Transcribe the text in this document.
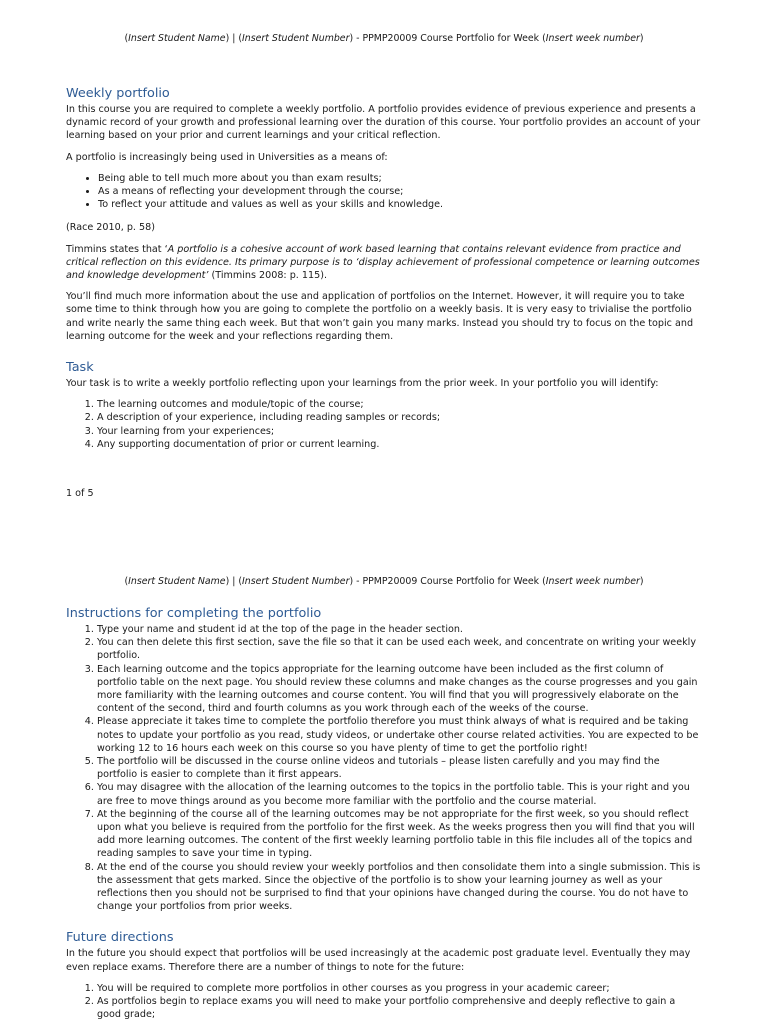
(Insert Student Name) | (Insert Student Number) - PPMP20009 Course Portfolio for Week (Insert week number)
Weekly portfolio

In this course you are required to complete a weekly portfolio. A portfolio provides evidence of previous experience and presents a dynamic record of your growth and professional learning over the duration of this course. Your portfolio provides an account of your learning based on your prior and current learnings and your critical reflection.

A portfolio is increasingly being used in Universities as a means of:

• Being able to tell much more about you than exam results;
• As a means of reflecting your development through the course;
• To reflect your attitude and values as well as your skills and knowledge.

(Race 2010, p. 58)

Timmins states that ‘A portfolio is a cohesive account of work based learning that contains relevant evidence from practice and critical reflection on this evidence. Its primary purpose is to ‘display achievement of professional competence or learning outcomes and knowledge development’ (Timmins 2008: p. 115).

You’ll find much more information about the use and application of portfolios on the Internet. However, it will require you to take some time to think through how you are going to complete the portfolio on a weekly basis. It is very easy to trivialise the portfolio and write nearly the same thing each week. But that won’t gain you many marks. Instead you should try to focus on the topic and learning outcome for the week and your reflections regarding them.

Task

Your task is to write a weekly portfolio reflecting upon your learnings from the prior week. In your portfolio you will identify:

1. The learning outcomes and module/topic of the course;
2. A description of your experience, including reading samples or records;
3. Your learning from your experiences;
4. Any supporting documentation of prior or current learning.
1 of 5
(Insert Student Name) | (Insert Student Number) - PPMP20009 Course Portfolio for Week (Insert week number)
Instructions for completing the portfolio
1. Type your name and student id at the top of the page in the header section.
2. You can then delete this first section, save the file so that it can be used each week, and concentrate on writing your weekly portfolio.
3. Each learning outcome and the topics appropriate for the learning outcome have been included as the first column of portfolio table on the next page. You should review these columns and make changes as the course progresses and you gain more familiarity with the learning outcomes and course content. You will find that you will progressively elaborate on the content of the second, third and fourth columns as you work through each of the weeks of the course.
4. Please appreciate it takes time to complete the portfolio therefore you must think always of what is required and be taking notes to update your portfolio as you read, study videos, or undertake other course related activities. You are expected to be working 12 to 16 hours each week on this course so you have plenty of time to get the portfolio right!
5. The portfolio will be discussed in the course online videos and tutorials – please listen carefully and you may find the portfolio is easier to complete than it first appears.
6. You may disagree with the allocation of the learning outcomes to the topics in the portfolio table. This is your right and you are free to move things around as you become more familiar with the portfolio and the course material.
7. At the beginning of the course all of the learning outcomes may be not appropriate for the first week, so you should reflect upon what you believe is required from the portfolio for the first week. As the weeks progress then you will find that you will add more learning outcomes. The content of the first weekly learning portfolio table in this file includes all of the topics and reading samples to save your time in typing.
8. At the end of the course you should review your weekly portfolios and then consolidate them into a single submission. This is the assessment that gets marked. Since the objective of the portfolio is to show your learning journey as well as your reflections then you should not be surprised to find that your opinions have changed during the course. You do not have to change your portfolios from prior weeks.
Future directions

In the future you should expect that portfolios will be used increasingly at the academic post graduate level. Eventually they may even replace exams. Therefore there are a number of things to note for the future:

1. You will be required to complete more portfolios in other courses as you progress in your academic career;
2. As portfolios begin to replace exams you will need to make your portfolio comprehensive and deeply reflective to gain a good grade;
